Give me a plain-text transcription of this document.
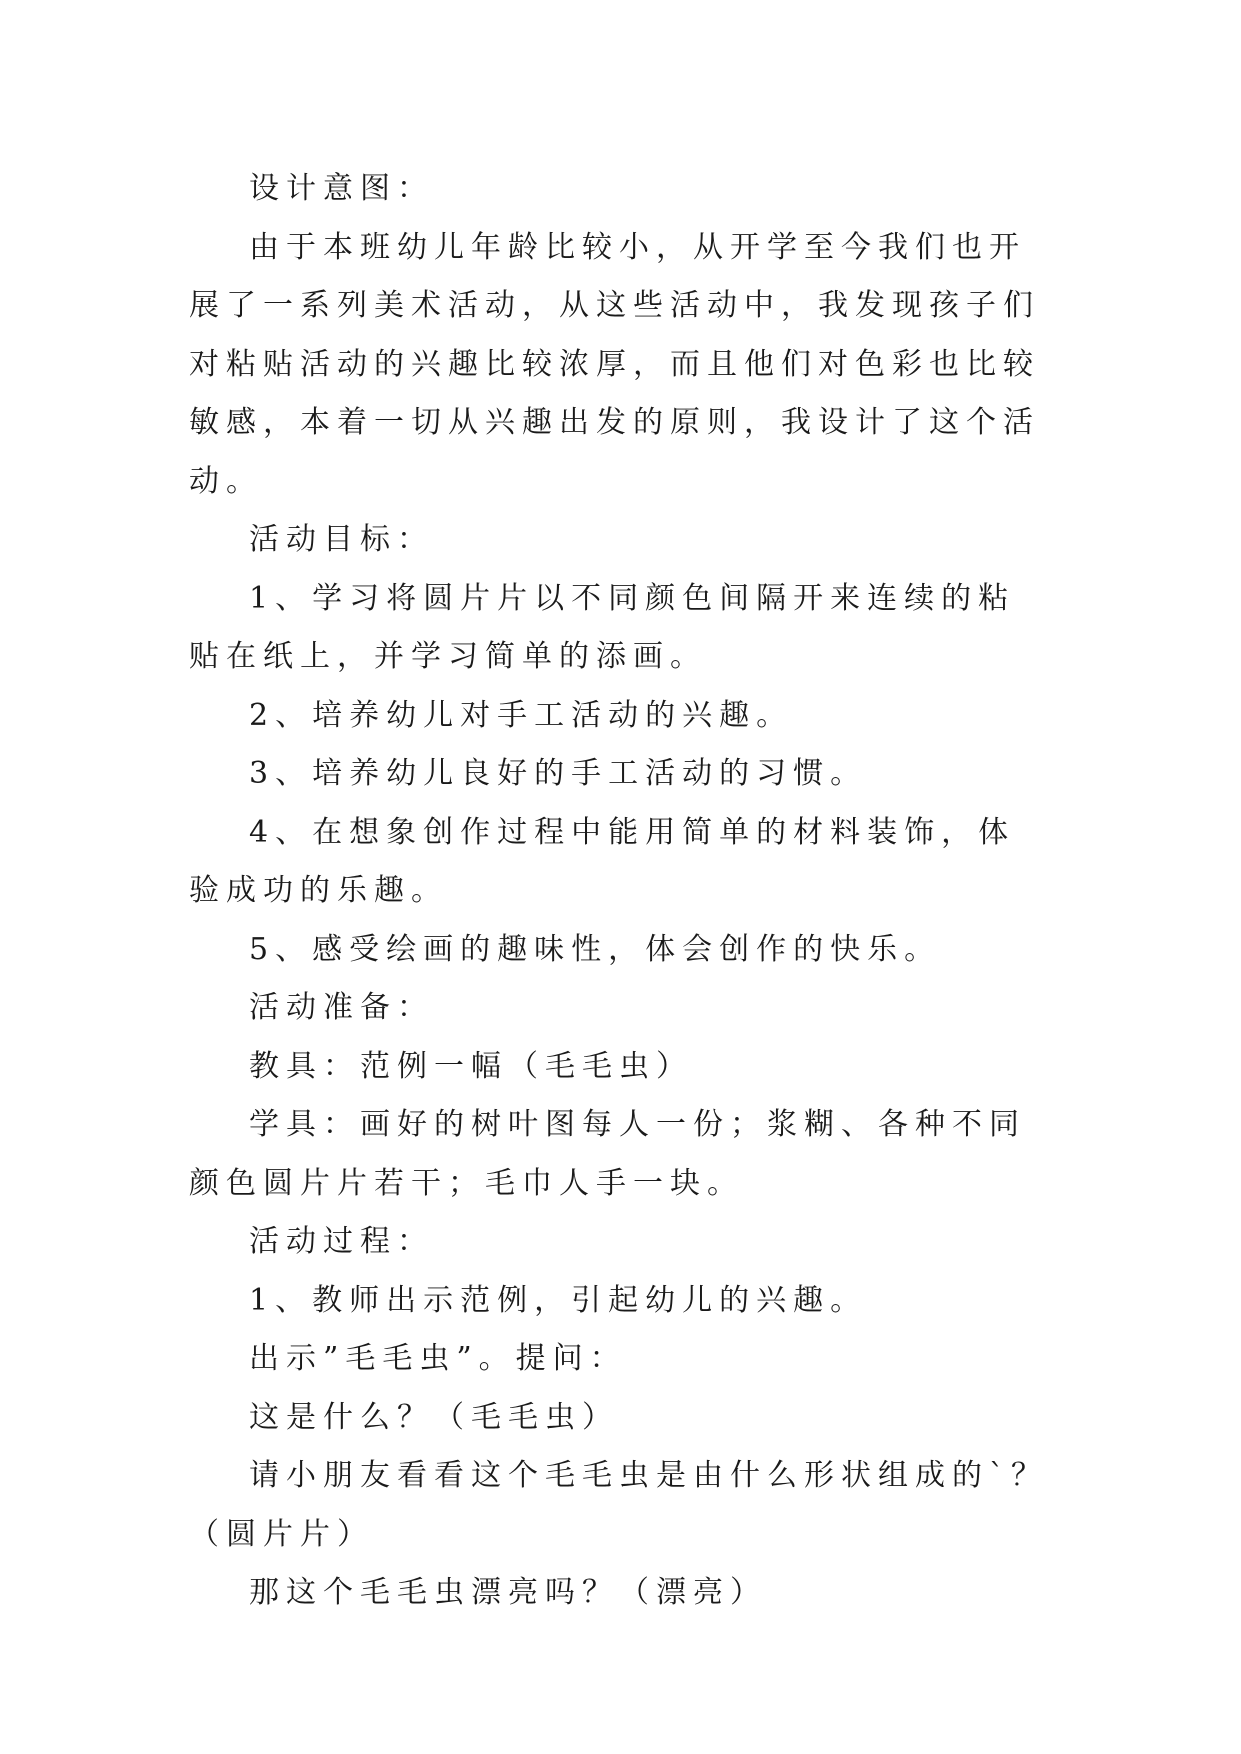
设计意图：

由于本班幼儿年龄比较小，从开学至今我们也开展了一系列美术活动，从这些活动中，我发现孩子们对粘贴活动的兴趣比较浓厚，而且他们对色彩也比较敏感，本着一切从兴趣出发的原则，我设计了这个活动。

活动目标：

1、学习将圆片片以不同颜色间隔开来连续的粘贴在纸上，并学习简单的添画。

2、培养幼儿对手工活动的兴趣。

3、培养幼儿良好的手工活动的习惯。

4、在想象创作过程中能用简单的材料装饰，体验成功的乐趣。

5、感受绘画的趣味性，体会创作的快乐。

活动准备：

教具：范例一幅（毛毛虫）

学具：画好的树叶图每人一份；浆糊、各种不同颜色圆片片若干；毛巾人手一块。

活动过程：

1、教师出示范例，引起幼儿的兴趣。

出示”毛毛虫”。提问：

这是什么？（毛毛虫）

请小朋友看看这个毛毛虫是由什么形状组成的`？（圆片片）

那这个毛毛虫漂亮吗？（漂亮）
